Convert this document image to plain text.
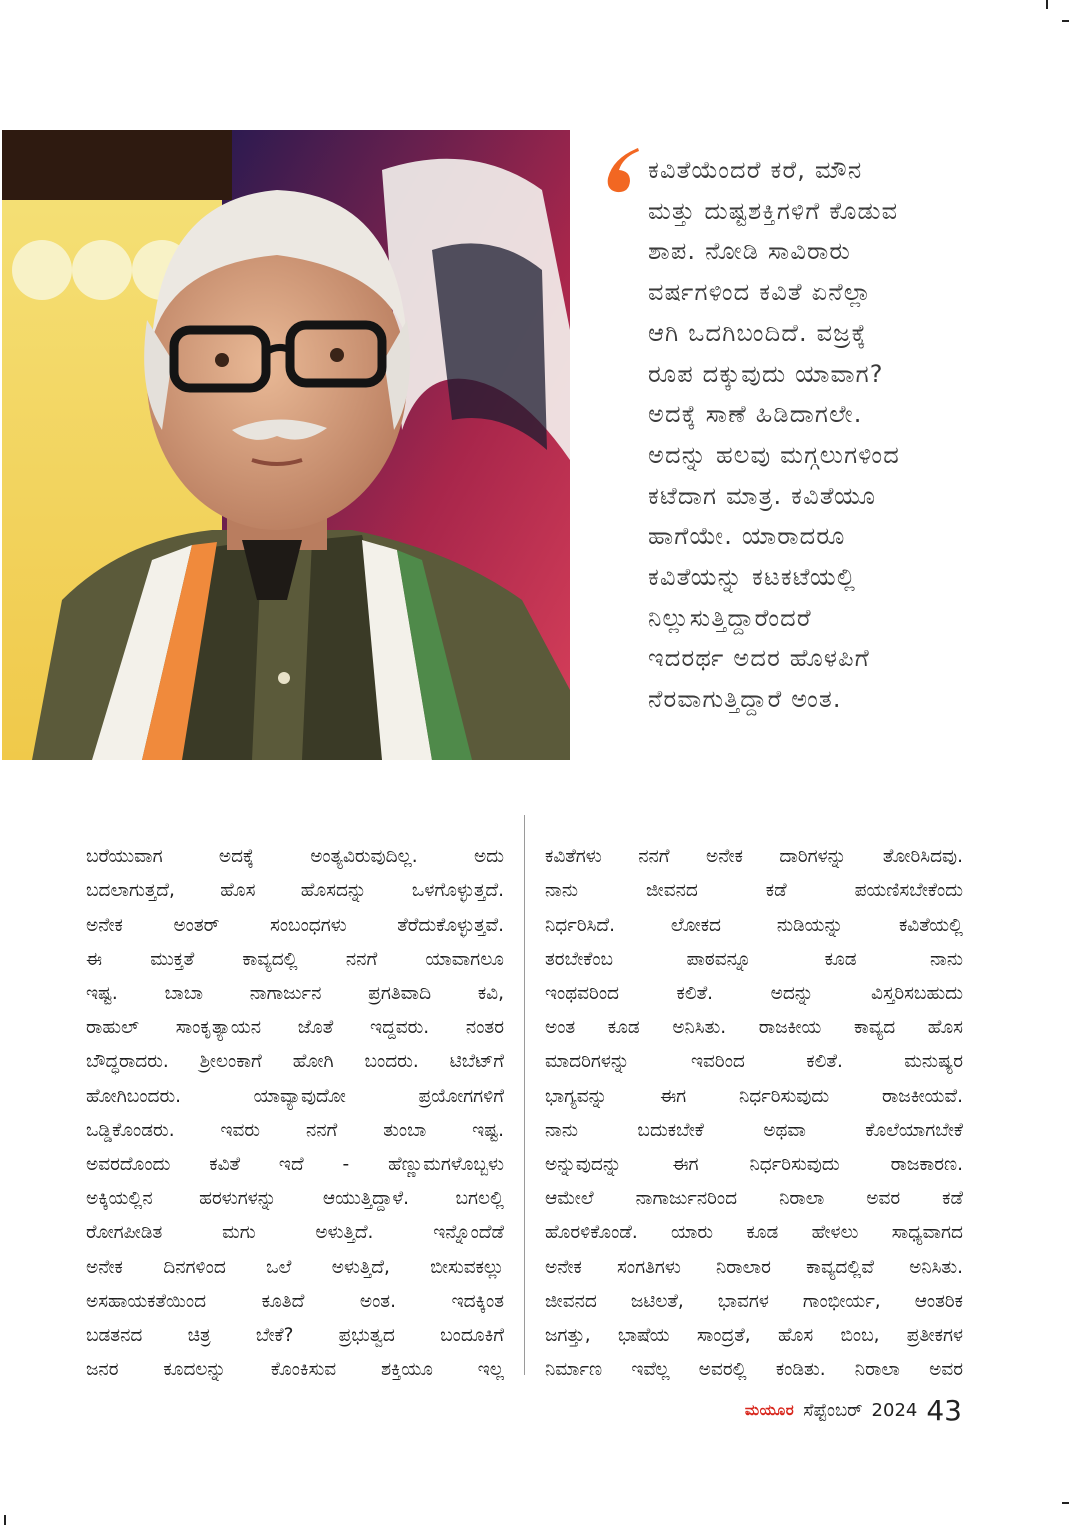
ಕವಿತೆಯೆಂದರೆ ಕರೆ, ಮೌನ
ಮತ್ತು ದುಷ್ಟಶಕ್ತಿಗಳಿಗೆ ಕೊಡುವ
ಶಾಪ. ನೋಡಿ ಸಾವಿರಾರು
ವರ್ಷಗಳಿಂದ ಕವಿತೆ ಏನೆಲ್ಲಾ
ಆಗಿ ಒದಗಿಬಂದಿದೆ. ವಜ್ರಕ್ಕೆ
ರೂಪ ದಕ್ಕುವುದು ಯಾವಾಗ?
ಅದಕ್ಕೆ ಸಾಣೆ ಹಿಡಿದಾಗಲೇ.
ಅದನ್ನು ಹಲವು ಮಗ್ಗಲುಗಳಿಂದ
ಕಟೆದಾಗ ಮಾತ್ರ. ಕವಿತೆಯೂ
ಹಾಗೆಯೇ. ಯಾರಾದರೂ
ಕವಿತೆಯನ್ನು ಕಟಕಟೆಯಲ್ಲಿ
ನಿಲ್ಲುಸುತ್ತಿದ್ದಾರೆಂದರೆ
ಇದರರ್ಥ ಅದರ ಹೊಳಪಿಗೆ
ನೆರವಾಗುತ್ತಿದ್ದಾರೆ ಅಂತ.

ಬರೆಯುವಾಗ ಅದಕ್ಕೆ ಅಂತ್ಯವಿರುವುದಿಲ್ಲ. ಅದು
ಬದಲಾಗುತ್ತದೆ, ಹೊಸ ಹೊಸದನ್ನು ಒಳಗೊಳ್ಳುತ್ತದೆ.
ಅನೇಕ ಅಂತರ್ ಸಂಬಂಧಗಳು ತೆರೆದುಕೊಳ್ಳುತ್ತವೆ.
ಈ ಮುಕ್ತತೆ ಕಾವ್ಯದಲ್ಲಿ ನನಗೆ ಯಾವಾಗಲೂ
ಇಷ್ಟ. ಬಾಬಾ ನಾಗಾರ್ಜುನ ಪ್ರಗತಿವಾದಿ ಕವಿ,
ರಾಹುಲ್ ಸಾಂಕೃತ್ಯಾಯನ ಜೊತೆ ಇದ್ದವರು. ನಂತರ
ಬೌದ್ಧರಾದರು. ಶ್ರೀಲಂಕಾಗೆ ಹೋಗಿ ಬಂದರು. ಟಿಬೆಟ್‌ಗೆ
ಹೋಗಿಬಂದರು. ಯಾವ್ಯಾವುದೋ ಪ್ರಯೋಗಗಳಿಗೆ
ಒಡ್ಡಿಕೊಂಡರು. ಇವರು ನನಗೆ ತುಂಬಾ ಇಷ್ಟ.
ಅವರದೊಂದು ಕವಿತೆ ಇದೆ - ಹೆಣ್ಣುಮಗಳೊಬ್ಬಳು
ಅಕ್ಕಿಯಲ್ಲಿನ ಹರಳುಗಳನ್ನು ಆಯುತ್ತಿದ್ದಾಳೆ. ಬಗಲಲ್ಲಿ
ರೋಗಪೀಡಿತ ಮಗು ಅಳುತ್ತಿದೆ. ಇನ್ನೊಂದೆಡೆ
ಅನೇಕ ದಿನಗಳಿಂದ ಒಲೆ ಅಳುತ್ತಿದೆ, ಬೀಸುವಕಲ್ಲು
ಅಸಹಾಯಕತೆಯಿಂದ ಕೂತಿದೆ ಅಂತ. ಇದಕ್ಕಿಂತ
ಬಡತನದ ಚಿತ್ರ ಬೇಕೆ? ಪ್ರಭುತ್ವದ ಬಂದೂಕಿಗೆ
ಜನರ ಕೂದಲನ್ನು ಕೊಂಕಿಸುವ ಶಕ್ತಿಯೂ ಇಲ್ಲ

ಕವಿತೆಗಳು ನನಗೆ ಅನೇಕ ದಾರಿಗಳನ್ನು ತೋರಿಸಿದವು.
ನಾನು ಜೀವನದ ಕಡೆ ಪಯಣಿಸಬೇಕೆಂದು
ನಿರ್ಧರಿಸಿದೆ. ಲೋಕದ ನುಡಿಯನ್ನು ಕವಿತೆಯಲ್ಲಿ
ತರಬೇಕೆಂಬ ಪಾಠವನ್ನೂ ಕೂಡ ನಾನು
ಇಂಥವರಿಂದ ಕಲಿತೆ. ಅದನ್ನು ವಿಸ್ತರಿಸಬಹುದು
ಅಂತ ಕೂಡ ಅನಿಸಿತು. ರಾಜಕೀಯ ಕಾವ್ಯದ ಹೊಸ
ಮಾದರಿಗಳನ್ನು ಇವರಿಂದ ಕಲಿತೆ. ಮನುಷ್ಯರ
ಭಾಗ್ಯವನ್ನು ಈಗ ನಿರ್ಧರಿಸುವುದು ರಾಜಕೀಯವೆ.
ನಾನು ಬದುಕಬೇಕೆ ಅಥವಾ ಕೊಲೆಯಾಗಬೇಕೆ
ಅನ್ನುವುದನ್ನು ಈಗ ನಿರ್ಧರಿಸುವುದು ರಾಜಕಾರಣ.
ಆಮೇಲೆ ನಾಗಾರ್ಜುನರಿಂದ ನಿರಾಲಾ ಅವರ ಕಡೆ
ಹೊರಳಿಕೊಂಡೆ. ಯಾರು ಕೂಡ ಹೇಳಲು ಸಾಧ್ಯವಾಗದ
ಅನೇಕ ಸಂಗತಿಗಳು ನಿರಾಲಾರ ಕಾವ್ಯದಲ್ಲಿವೆ ಅನಿಸಿತು.
ಜೀವನದ ಜಟಿಲತೆ, ಭಾವಗಳ ಗಾಂಭೀರ್ಯ, ಆಂತರಿಕ
ಜಗತ್ತು, ಭಾಷೆಯ ಸಾಂದ್ರತೆ, ಹೊಸ ಬಿಂಬ, ಪ್ರತೀಕಗಳ
ನಿರ್ಮಾಣ ಇವೆಲ್ಲ ಅವರಲ್ಲಿ ಕಂಡಿತು. ನಿರಾಲಾ ಅವರ

ಮಯೂರ ಸೆಪ್ಟೆಂಬರ್ 2024 43
